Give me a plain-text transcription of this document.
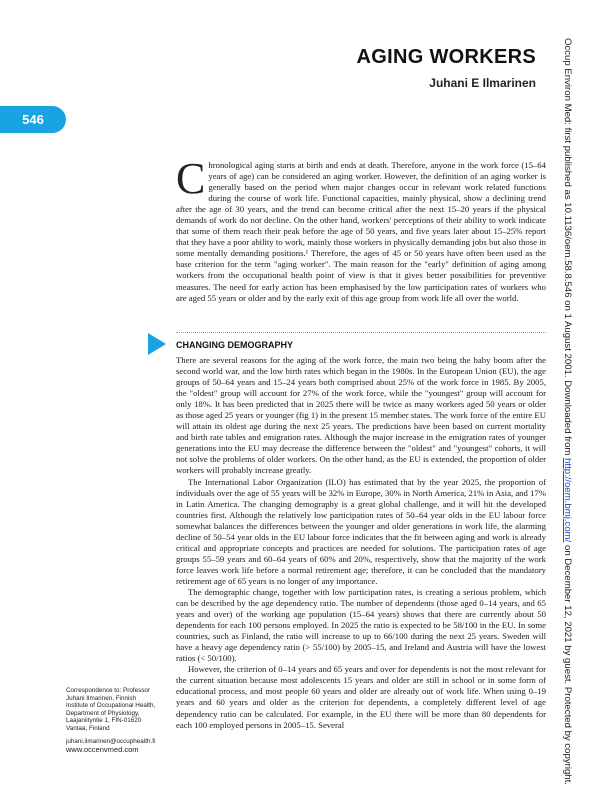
AGING WORKERS

Juhani E Ilmarinen

546	Occup Environ Med: first published as 10.1136/oem.58.8.546 on 1 August 2001. Downloaded from http://oem.bmj.com/ on December 12, 2021 by guest. Protected by copyright.
C hronological aging starts at birth and ends at death. Therefore, anyone in the work force (15–64 years of age) can be considered an aging worker. However, the definition of an aging worker is generally based on the period when major changes occur in relevant work related functions during the course of work life. Functional capacities, mainly physical, show a declining trend after the age of 30 years, and the trend can become critical after the next 15–20 years if the physical demands of work do not decline. On the other hand, workers' perceptions of their ability to work indicate that some of them reach their peak before the age of 50 years, and five years later about 15–25% report that they have a poor ability to work, mainly those workers in physically demanding jobs but also those in some mentally demanding positions.¹ Therefore, the ages of 45 or 50 years have often been used as the base criterion for the term "aging worker". The main reason for the "early" definition of aging among workers from the occupational health point of view is that it gives better possibilities for preventive measures. The need for early action has been emphasised by the low participation rates of workers who are aged 55 years or older and by the early exit of this age group from work life all over the world.

CHANGING DEMOGRAPHY

There are several reasons for the aging of the work force, the main two being the baby boom after the second world war, and the low birth rates which began in the 1980s. In the European Union (EU), the age groups of 50–64 years and 15–24 years both comprised about 25% of the work force in 1985. By 2005, the "oldest" group will account for 27% of the work force, while the "youngest" group will account for only 18%. It has been predicted that in 2025 there will be twice as many workers aged 50 years or older as those aged 25 years or younger (fig 1) in the present 15 member states. The work force of the entire EU will attain its oldest age during the next 25 years. The predictions have been based on current mortality and birth rate tables and emigration rates. Although the major increase in the emigration rates of younger generations into the EU may decrease the difference between the "oldest" and "youngest" cohorts, it will not solve the problems of older workers. On the other hand, as the EU is extended, the proportion of older workers will probably increase greatly.

The International Labor Organization (ILO) has estimated that by the year 2025, the proportion of individuals over the age of 55 years will be 32% in Europe, 30% in North America, 21% in Asia, and 17% in Latin America. The changing demography is a great global challenge, and it will hit the developed countries first. Although the relatively low participation rates of 50–64 year olds in the EU labour force somewhat balances the differences between the younger and older generations in work life, the alarming decline of 50–54 year olds in the EU labour force indicates that the fit between aging and work is already critical and appropriate concepts and practices are needed for solutions. The participation rates of age groups 55–59 years and 60–64 years of 60% and 20%, respectively, show that the majority of the work force leaves work life before a normal retirement age; therefore, it can be concluded that the mandatory retirement age of 65 years is no longer of any importance.

The demographic change, together with low participation rates, is creating a serious problem, which can be described by the age dependency ratio. The number of dependents (those aged 0–14 years, and 65 years and over) of the working age population (15–64 years) shows that there are currently about 50 dependents for each 100 persons employed. In 2025 the ratio is expected to be 58/100 in the EU. In some countries, such as Finland, the ratio will increase to up to 66/100 during the next 25 years. Sweden will have a heavy age dependency ratio (> 55/100) by 2005–15, and Ireland and Austria will have the lowest ratios (< 50/100).

However, the criterion of 0–14 years and 65 years and over for dependents is not the most relevant for the current situation because most adolescents 15 years and older are still in school or in some form of educational process, and most people 60 years and older are already out of work life. When using 0–19 years and 60 years and older as the criterion for dependents, a completely different level of age dependency ratio can be calculated. For example, in the EU there will be more than 80 dependents for each 100 employed persons in 2005–15. Several

Correspondence to: Professor

Juhani Ilmarinen, Finnish

Institute of Occupational Health,

Department of Physiology,

Laajaniityntie 1, FIN-01620

Vantaa, Finland

juhani.ilmarinen@occuphealth.fi

www.occenvmed.com
